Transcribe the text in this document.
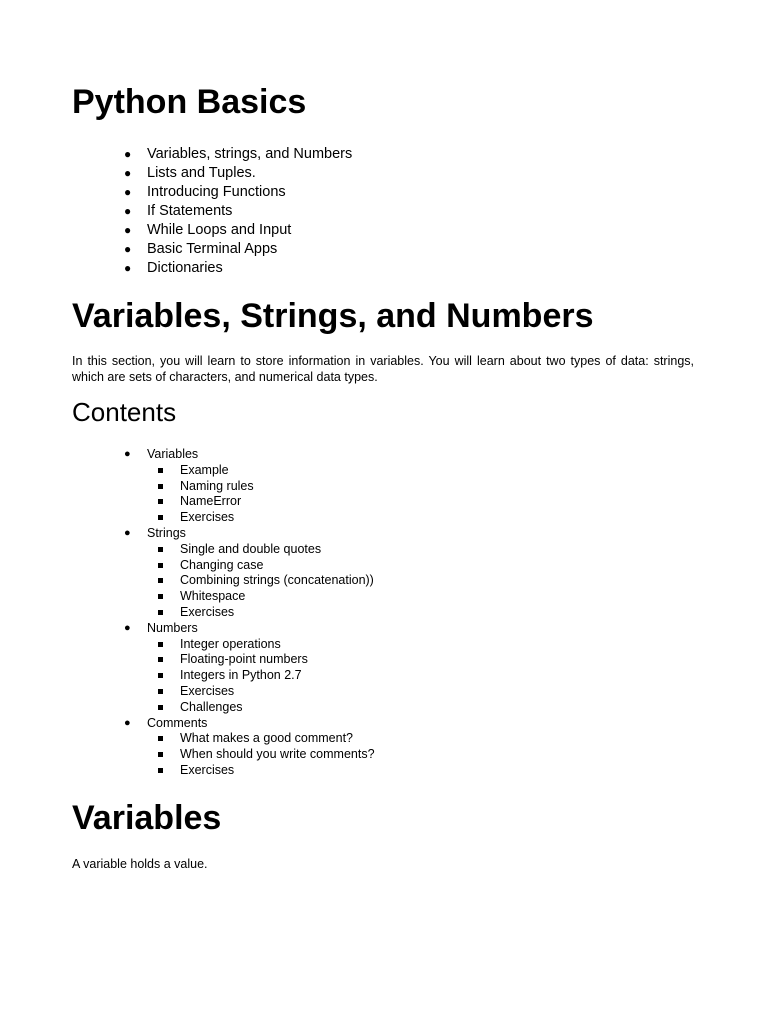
Python Basics
● Variables, strings, and Numbers
● Lists and Tuples.
● Introducing Functions
● If Statements
● While Loops and Input
● Basic Terminal Apps
● Dictionaries
Variables, Strings, and Numbers

In this section, you will learn to store information in variables. You will learn about two types of data: strings, which are sets of characters, and numerical data types.

Contents
● Variables
Example
Naming rules
NameError
Exercises
● Strings
Single and double quotes
Changing case
Combining strings (concatenation))
Whitespace
Exercises
● Numbers
Integer operations
Floating-point numbers
Integers in Python 2.7
Exercises
Challenges
● Comments
What makes a good comment?
When should you write comments?
Exercises
Variables

A variable holds a value.
